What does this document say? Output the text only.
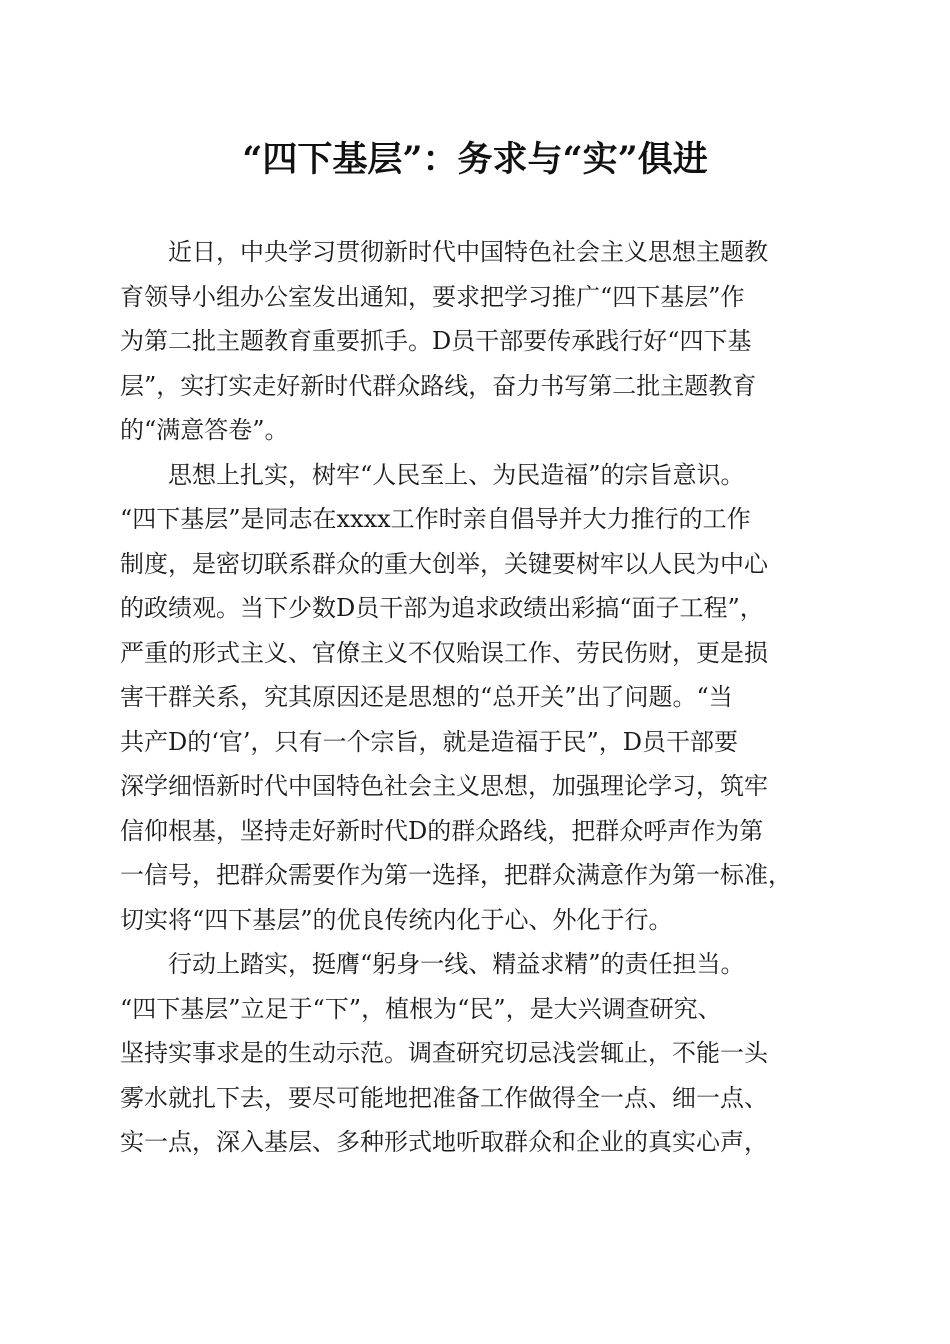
“四下基层”：务求与“实”俱进
近日，中央学习贯彻新时代中国特色社会主义思想主题教
育领导小组办公室发出通知，要求把学习推广“四下基层”作
为第二批主题教育重要抓手。D员干部要传承践行好“四下基
层”，实打实走好新时代群众路线，奋力书写第二批主题教育
的“满意答卷”。
思想上扎实，树牢“人民至上、为民造福”的宗旨意识。
“四下基层”是同志在xxxx工作时亲自倡导并大力推行的工作
制度，是密切联系群众的重大创举，关键要树牢以人民为中心
的政绩观。当下少数D员干部为追求政绩出彩搞“面子工程”，
严重的形式主义、官僚主义不仅贻误工作、劳民伤财，更是损
害干群关系，究其原因还是思想的“总开关”出了问题。“当
共产D的‘官’，只有一个宗旨，就是造福于民”，D员干部要
深学细悟新时代中国特色社会主义思想，加强理论学习，筑牢
信仰根基，坚持走好新时代D的群众路线，把群众呼声作为第
一信号，把群众需要作为第一选择，把群众满意作为第一标准，
切实将“四下基层”的优良传统内化于心、外化于行。
行动上踏实，挺膺“躬身一线、精益求精”的责任担当。
“四下基层”立足于“下”，植根为“民”，是大兴调查研究、
坚持实事求是的生动示范。调查研究切忌浅尝辄止，不能一头
雾水就扎下去，要尽可能地把准备工作做得全一点、细一点、
实一点，深入基层、多种形式地听取群众和企业的真实心声，
